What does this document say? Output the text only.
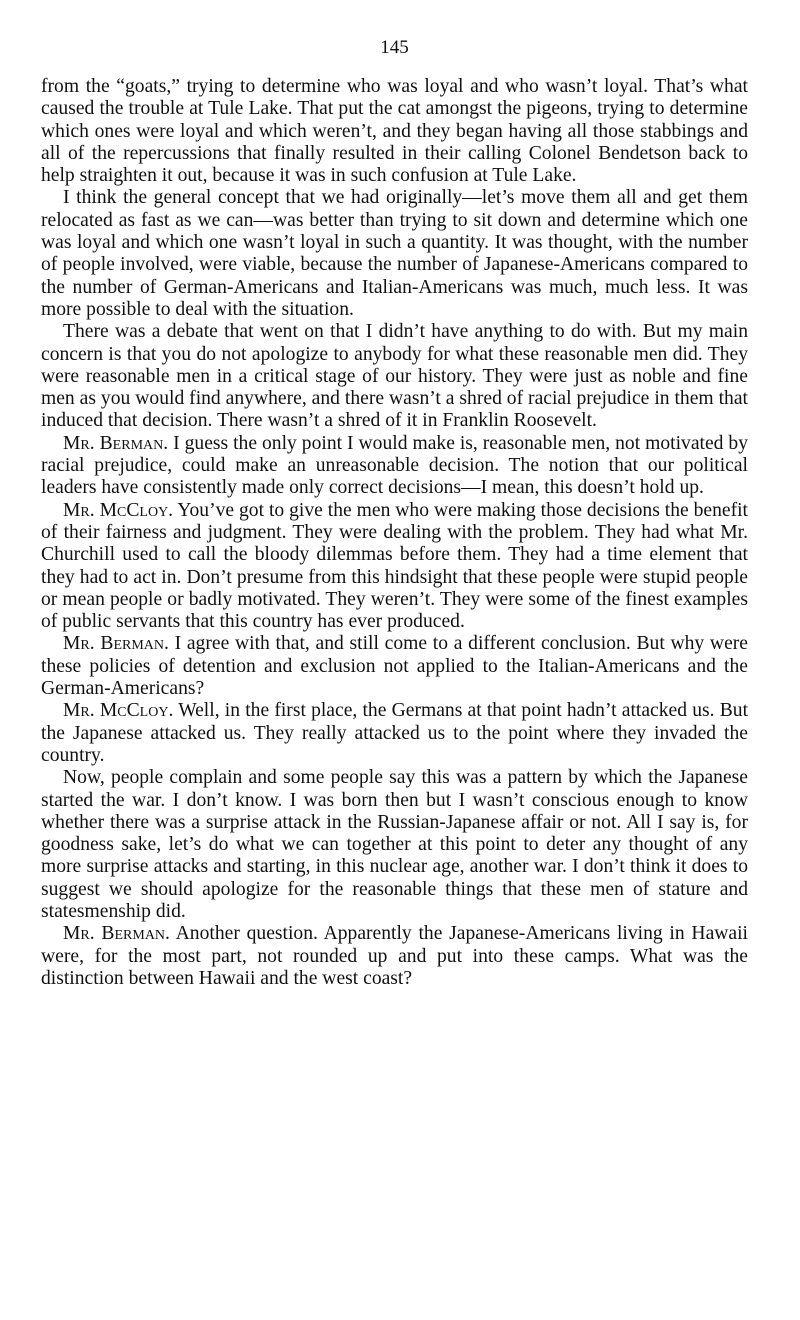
145

from the “goats,” trying to determine who was loyal and who wasn’t loyal. That’s what caused the trouble at Tule Lake. That put the cat amongst the pigeons, trying to determine which ones were loyal and which weren’t, and they began having all those stabbings and all of the repercussions that finally resulted in their calling Colonel Bendetson back to help straighten it out, because it was in such confusion at Tule Lake.

I think the general concept that we had originally—let’s move them all and get them relocated as fast as we can—was better than trying to sit down and determine which one was loyal and which one wasn’t loyal in such a quantity. It was thought, with the number of people involved, were viable, because the number of Japanese-Americans compared to the number of German-Americans and Italian-Americans was much, much less. It was more possible to deal with the situation.

There was a debate that went on that I didn’t have anything to do with. But my main concern is that you do not apologize to anybody for what these reasonable men did. They were reasonable men in a critical stage of our history. They were just as noble and fine men as you would find anywhere, and there wasn’t a shred of racial prejudice in them that induced that decision. There wasn’t a shred of it in Franklin Roosevelt.

Mr. Berman. I guess the only point I would make is, reasonable men, not motivated by racial prejudice, could make an unreasonable decision. The notion that our political leaders have consistently made only correct decisions—I mean, this doesn’t hold up.

Mr. McCloy. You’ve got to give the men who were making those decisions the benefit of their fairness and judgment. They were dealing with the problem. They had what Mr. Churchill used to call the bloody dilemmas before them. They had a time element that they had to act in. Don’t presume from this hindsight that these people were stupid people or mean people or badly motivated. They weren’t. They were some of the finest examples of public servants that this country has ever produced.

Mr. Berman. I agree with that, and still come to a different conclusion. But why were these policies of detention and exclusion not applied to the Italian-Americans and the German-Americans?

Mr. McCloy. Well, in the first place, the Germans at that point hadn’t attacked us. But the Japanese attacked us. They really attacked us to the point where they invaded the country.

Now, people complain and some people say this was a pattern by which the Japanese started the war. I don’t know. I was born then but I wasn’t conscious enough to know whether there was a surprise attack in the Russian-Japanese affair or not. All I say is, for goodness sake, let’s do what we can together at this point to deter any thought of any more surprise attacks and starting, in this nuclear age, another war. I don’t think it does to suggest we should apologize for the reasonable things that these men of stature and statesmenship did.

Mr. Berman. Another question. Apparently the Japanese-Americans living in Hawaii were, for the most part, not rounded up and put into these camps. What was the distinction between Hawaii and the west coast?
